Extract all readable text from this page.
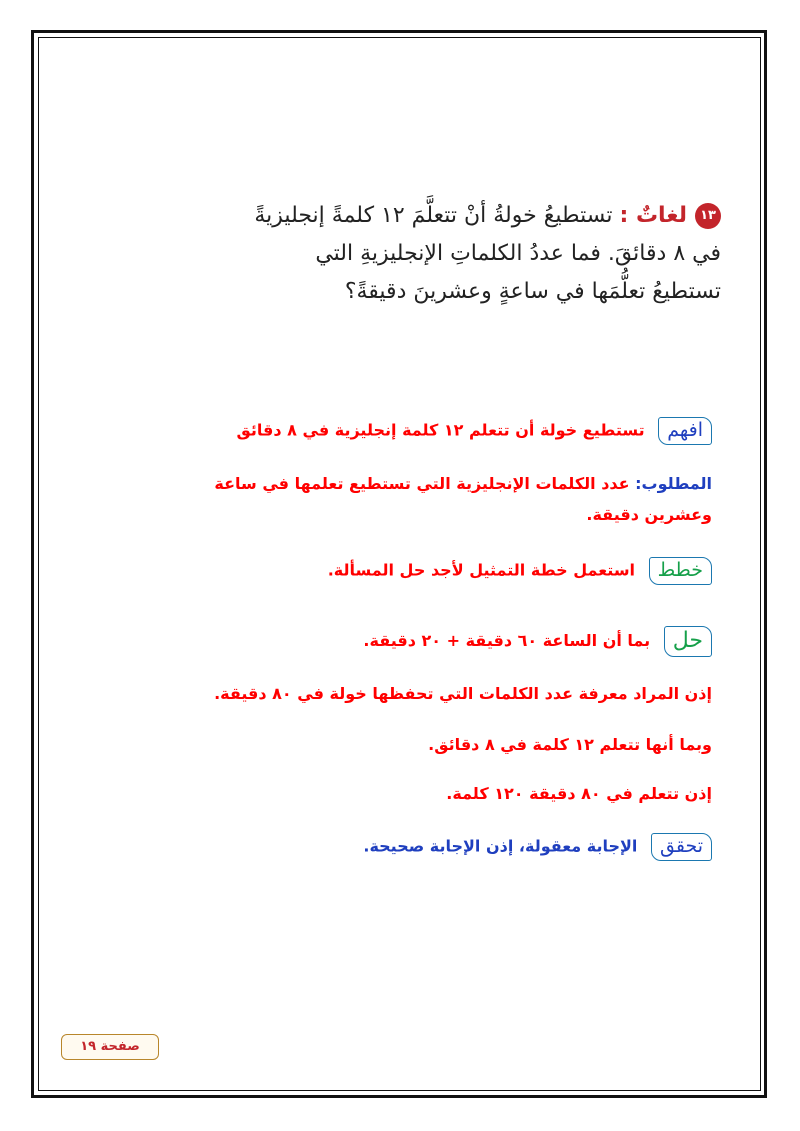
١٣لغاتٌ : تستطيعُ خولةُ أنْ تتعلَّمَ ١٢ كلمةً إنجليزيةً
في ٨ دقائقَ. فما عددُ الكلماتِ الإنجليزيةِ التي
تستطيعُ تعلُّمَها في ساعةٍ وعشرينَ دقيقةً؟
افهم تستطيع خولة أن تتعلم ١٢ كلمة إنجليزية في ٨ دقائق
المطلوب: عدد الكلمات الإنجليزية التي تستطيع تعلمها في ساعة
وعشرين دقيقة.
خطط استعمل خطة التمثيل لأجد حل المسألة.
حل بما أن الساعة ٦٠ دقيقة + ٢٠ دقيقة.
إذن المراد معرفة عدد الكلمات التي تحفظها خولة في ٨٠ دقيقة.
وبما أنها تتعلم ١٢ كلمة في ٨ دقائق.
إذن تتعلم في ٨٠ دقيقة ١٢٠ كلمة.
تحقق الإجابة معقولة، إذن الإجابة صحيحة.
صفحة ١٩
